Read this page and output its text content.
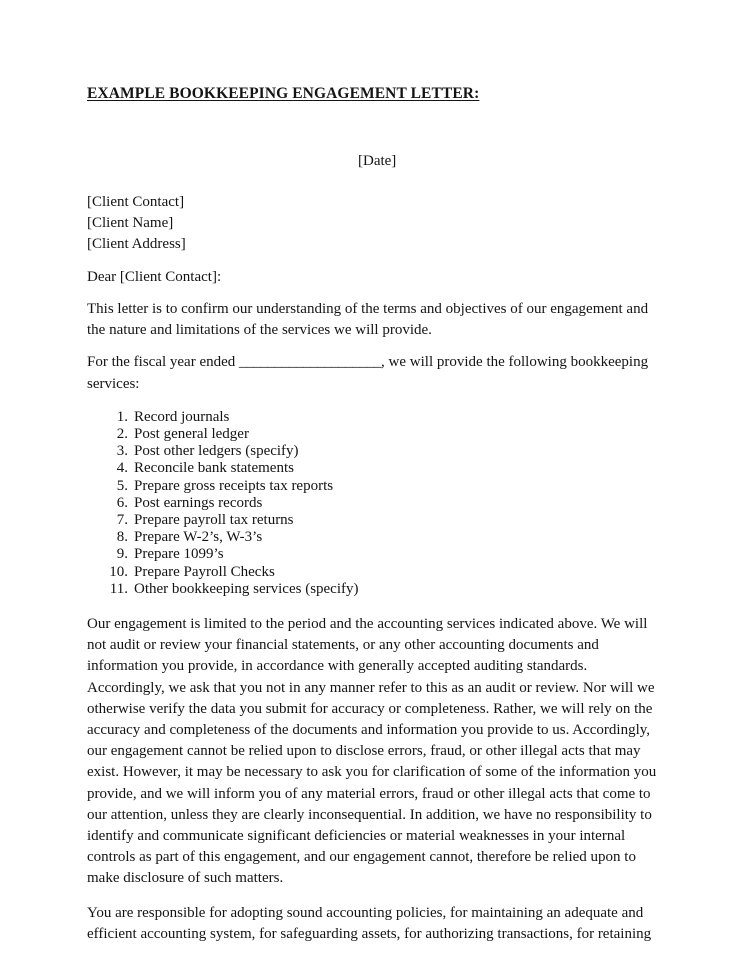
EXAMPLE BOOKKEEPING ENGAGEMENT LETTER:
[Date]
[Client Contact]
[Client Name]
[Client Address]
Dear [Client Contact]:

This letter is to confirm our understanding of the terms and objectives of our engagement and the nature and limitations of the services we will provide.

For the fiscal year ended ____________________, we will provide the following bookkeeping services:

1. Record journals
2. Post general ledger
3. Post other ledgers (specify)
4. Reconcile bank statements
5. Prepare gross receipts tax reports
6. Post earnings records
7. Prepare payroll tax returns
8. Prepare W-2’s, W-3’s
9. Prepare 1099’s
10. Prepare Payroll Checks
11. Other bookkeeping services (specify)

Our engagement is limited to the period and the accounting services indicated above. We will not audit or review your financial statements, or any other accounting documents and information you provide, in accordance with generally accepted auditing standards. Accordingly, we ask that you not in any manner refer to this as an audit or review. Nor will we otherwise verify the data you submit for accuracy or completeness. Rather, we will rely on the accuracy and completeness of the documents and information you provide to us. Accordingly, our engagement cannot be relied upon to disclose errors, fraud, or other illegal acts that may exist. However, it may be necessary to ask you for clarification of some of the information you provide, and we will inform you of any material errors, fraud or other illegal acts that come to our attention, unless they are clearly inconsequential. In addition, we have no responsibility to identify and communicate significant deficiencies or material weaknesses in your internal controls as part of this engagement, and our engagement cannot, therefore be relied upon to make disclosure of such matters.

You are responsible for adopting sound accounting policies, for maintaining an adequate and efficient accounting system, for safeguarding assets, for authorizing transactions, for retaining
